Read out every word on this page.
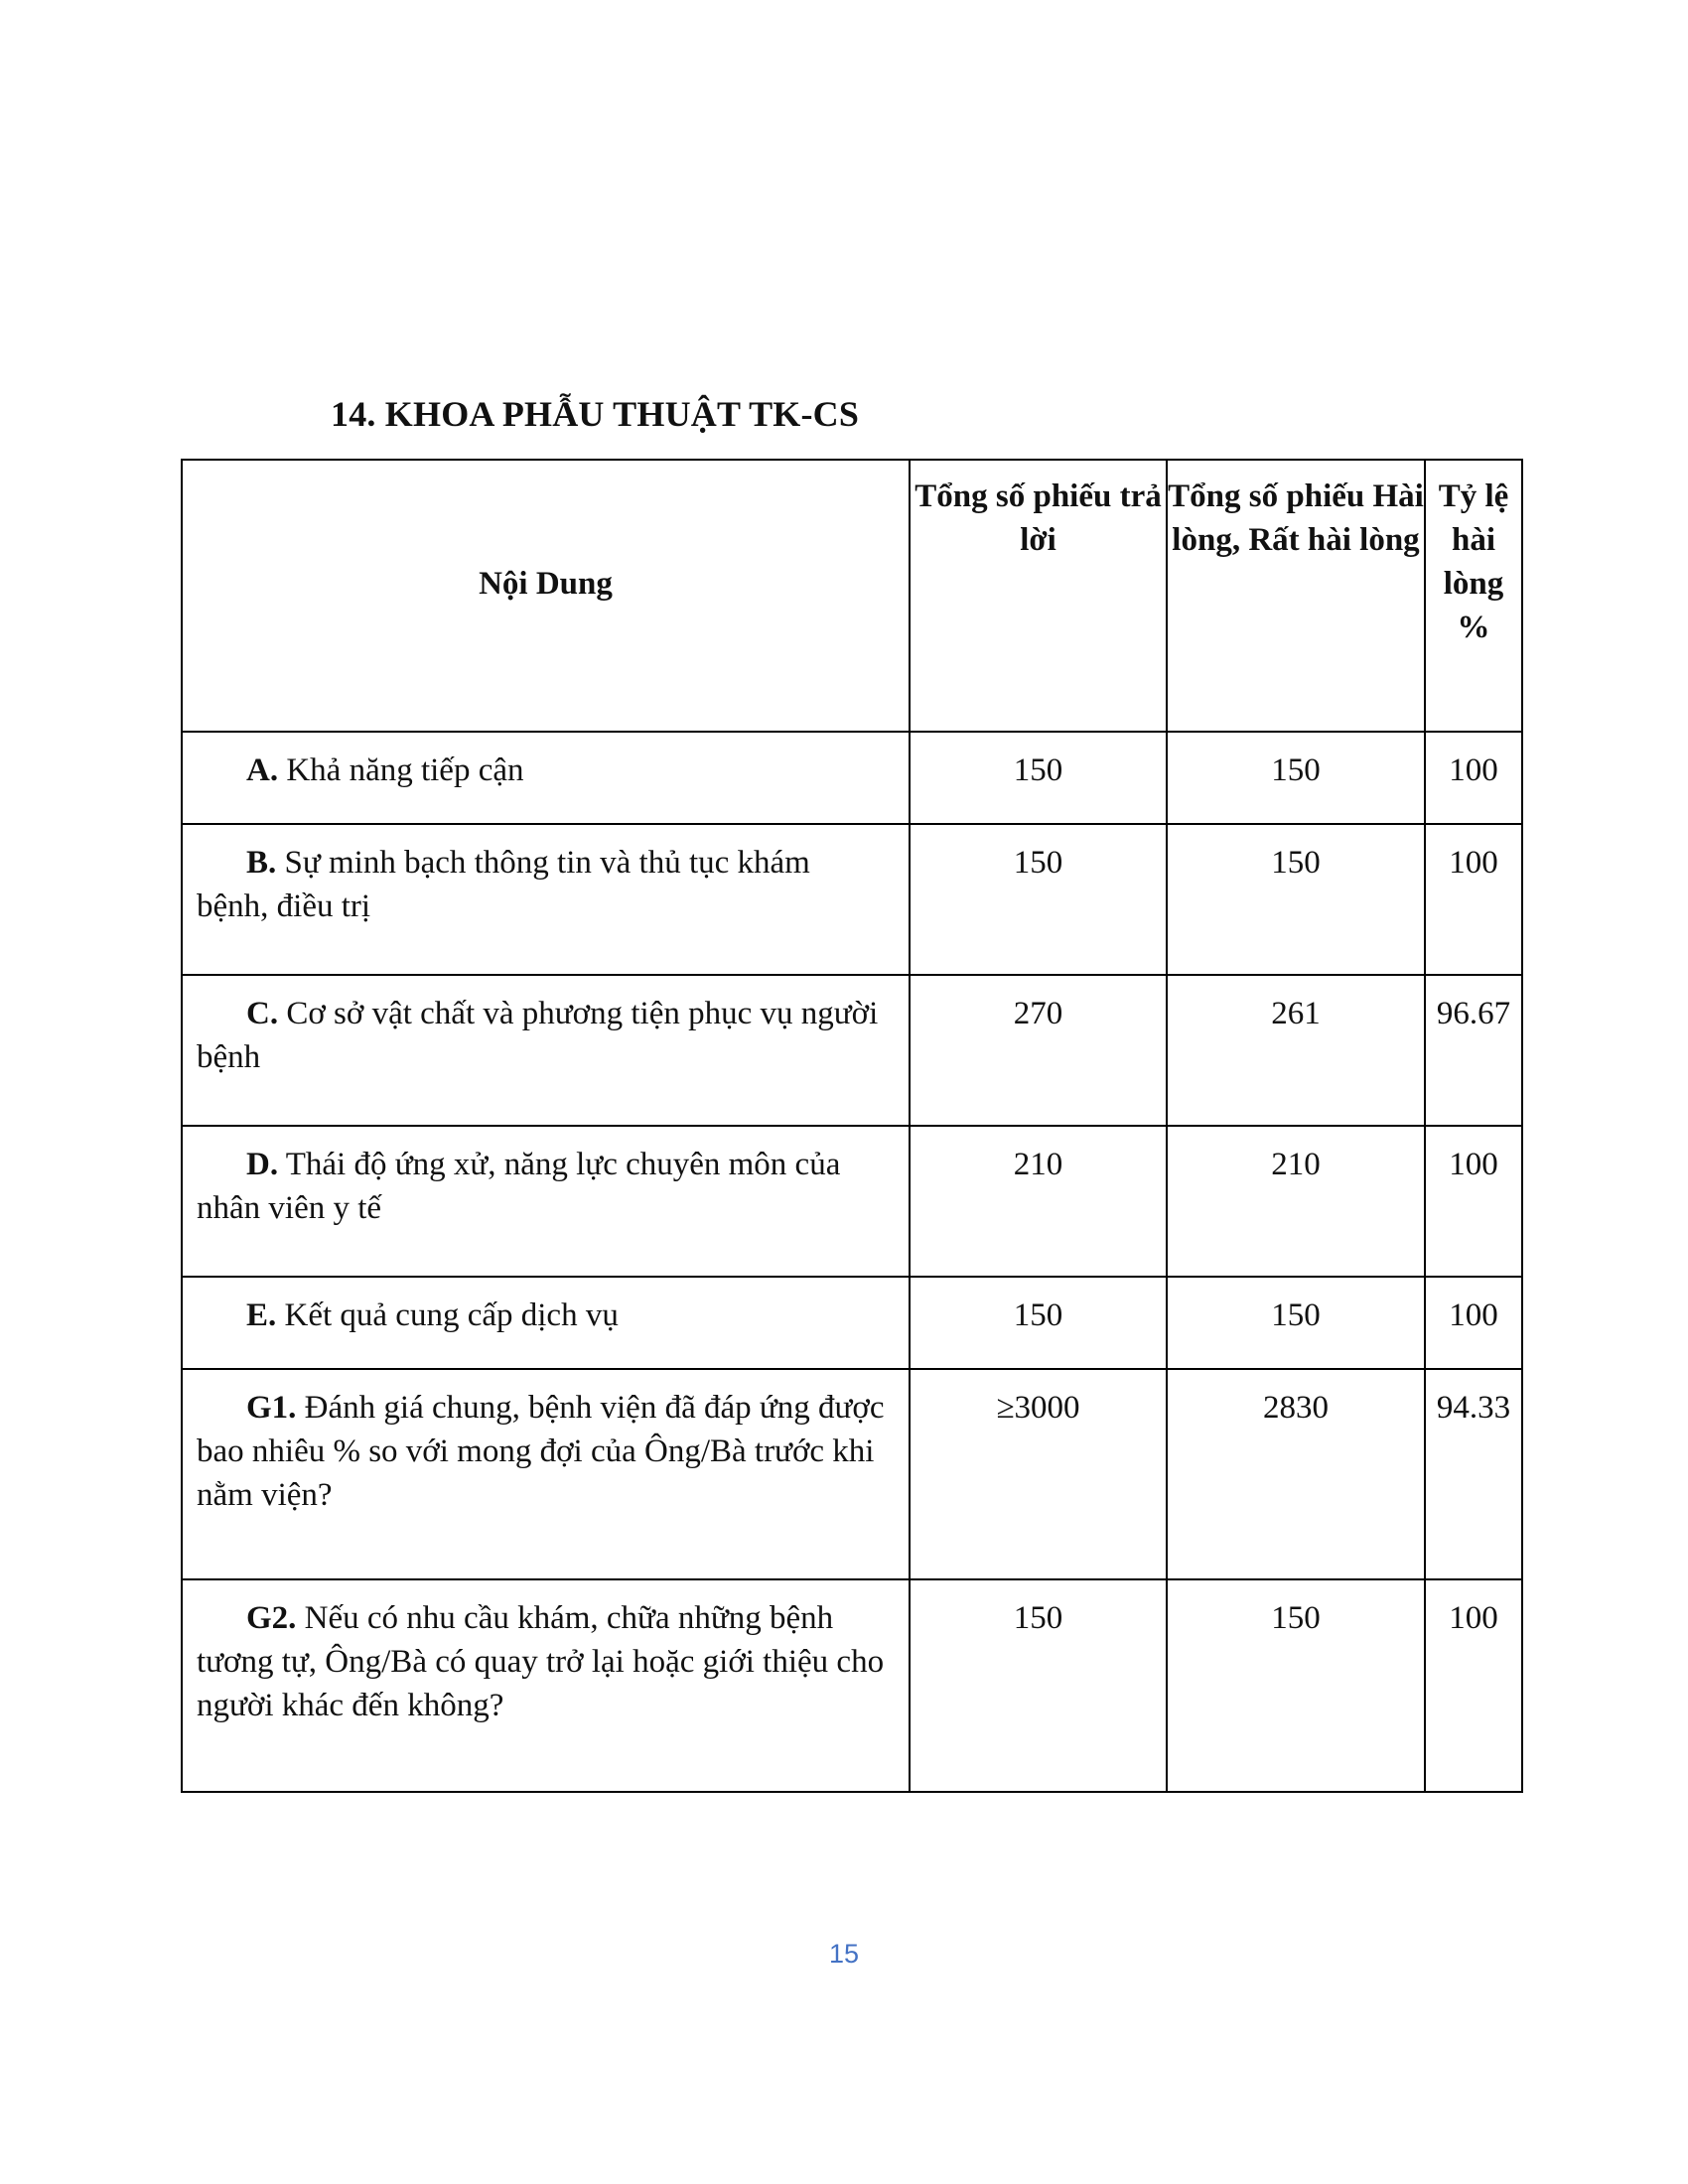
14. KHOA PHẪU THUẬT TK-CS
Nội Dung	Tổng số phiếu trả lời	Tổng số phiếu Hài lòng, Rất hài lòng	Tỷ lệ hài lòng %
A. Khả năng tiếp cận	150	150	100
B. Sự minh bạch thông tin và thủ tục khám bệnh, điều trị	150	150	100
C. Cơ sở vật chất và phương tiện phục vụ người bệnh	270	261	96.67
D. Thái độ ứng xử, năng lực chuyên môn của nhân viên y tế	210	210	100
E. Kết quả cung cấp dịch vụ	150	150	100
G1. Đánh giá chung, bệnh viện đã đáp ứng được bao nhiêu % so với mong đợi của Ông/Bà trước khi nằm viện?	≥3000	2830	94.33
G2. Nếu có nhu cầu khám, chữa những bệnh tương tự, Ông/Bà có quay trở lại hoặc giới thiệu cho người khác đến không?	150	150	100
15
